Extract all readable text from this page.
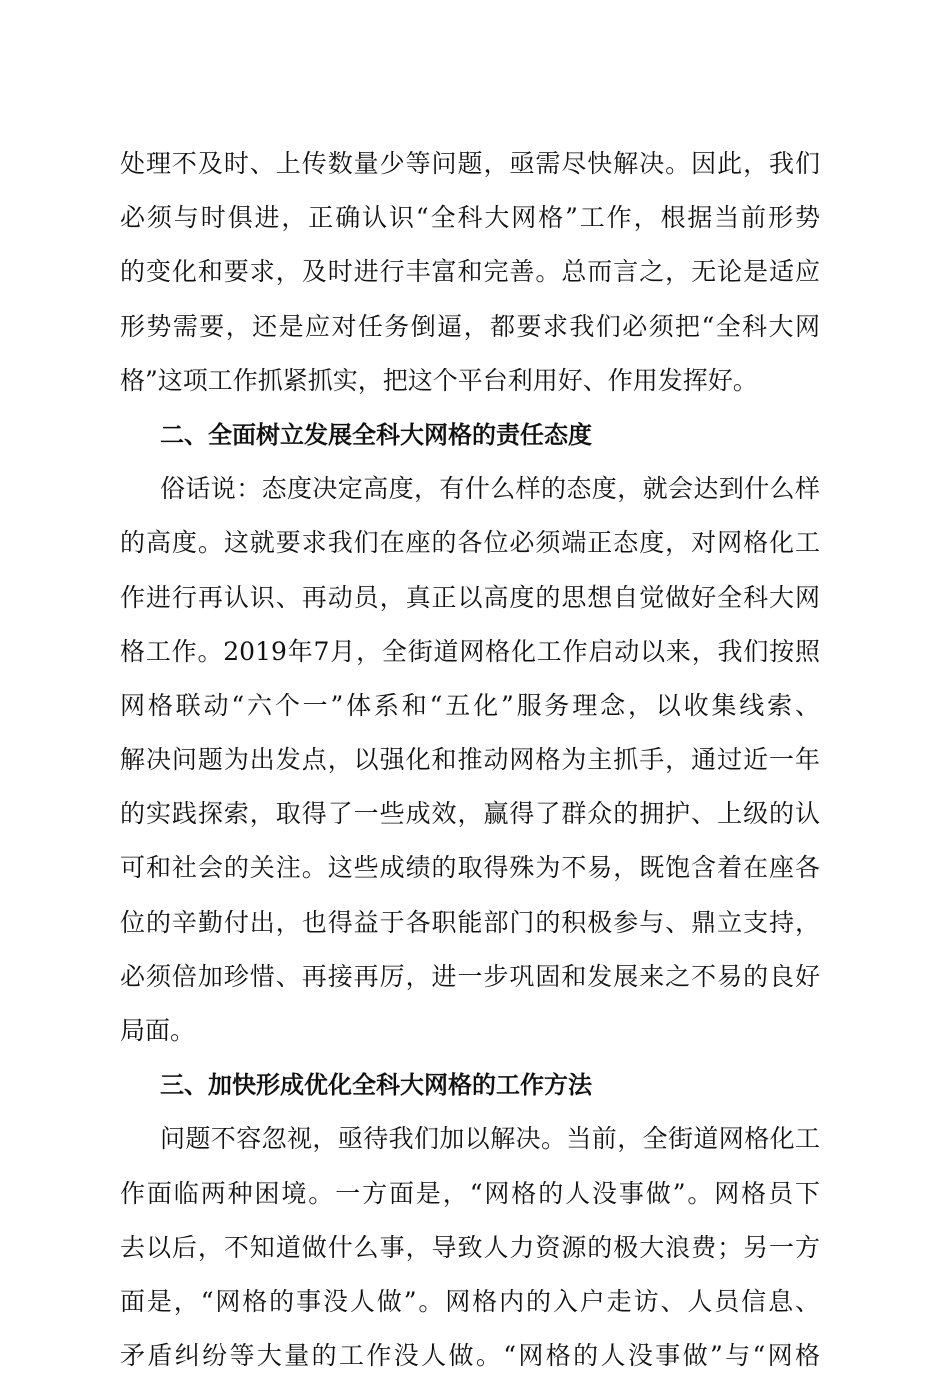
处理不及时、上传数量少等问题，亟需尽快解决。因此，我们
必须与时俱进，正确认识“全科大网格”工作，根据当前形势
的变化和要求，及时进行丰富和完善。总而言之，无论是适应
形势需要，还是应对任务倒逼，都要求我们必须把“全科大网
格”这项工作抓紧抓实，把这个平台利用好、作用发挥好。
二、全面树立发展全科大网格的责任态度
俗话说：态度决定高度，有什么样的态度，就会达到什么样
的高度。这就要求我们在座的各位必须端正态度，对网格化工
作进行再认识、再动员，真正以高度的思想自觉做好全科大网
格工作。2019年7月，全街道网格化工作启动以来，我们按照
网格联动“六个一”体系和“五化”服务理念，以收集线索、
解决问题为出发点，以强化和推动网格为主抓手，通过近一年
的实践探索，取得了一些成效，赢得了群众的拥护、上级的认
可和社会的关注。这些成绩的取得殊为不易，既饱含着在座各
位的辛勤付出，也得益于各职能部门的积极参与、鼎立支持，
必须倍加珍惜、再接再厉，进一步巩固和发展来之不易的良好
局面。
三、加快形成优化全科大网格的工作方法
问题不容忽视，亟待我们加以解决。当前，全街道网格化工
作面临两种困境。一方面是，“网格的人没事做”。网格员下
去以后，不知道做什么事，导致人力资源的极大浪费；另一方
面是，“网格的事没人做”。网格内的入户走访、人员信息、
矛盾纠纷等大量的工作没人做。“网格的人没事做”与“网格
